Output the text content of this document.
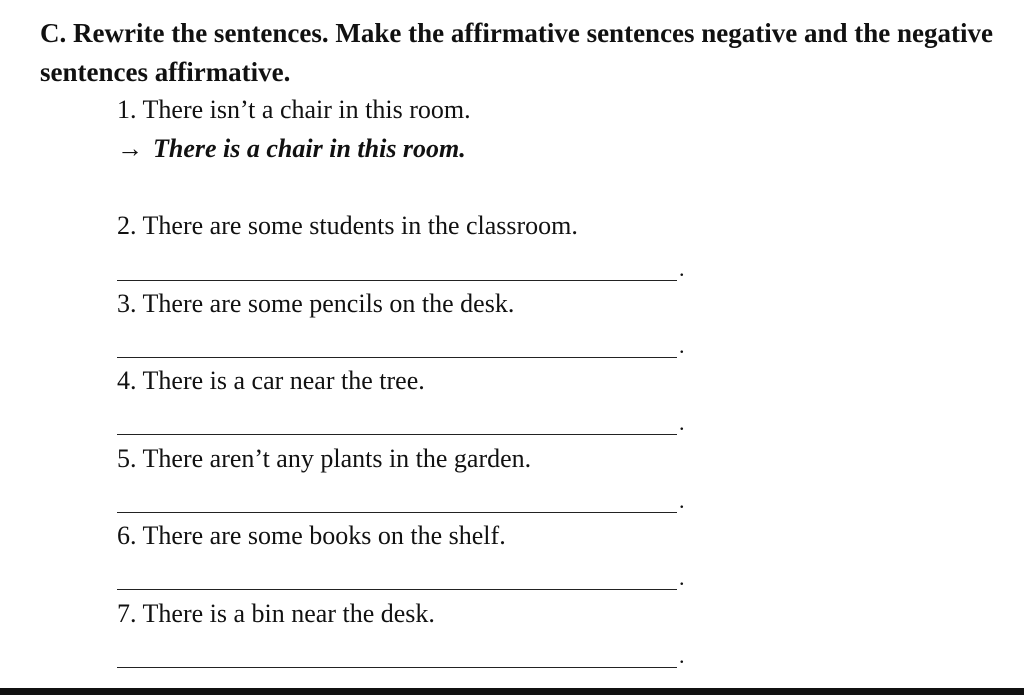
C. Rewrite the sentences. Make the affirmative sentences negative and the negative sentences affirmative.
1. There isn’t a chair in this room.
→ There is a chair in this room.
2. There are some students in the classroom.
.
3. There are some pencils on the desk.
.
4. There is a car near the tree.
.
5. There aren’t any plants in the garden.
.
6. There are some books on the shelf.
.
7. There is a bin near the desk.
.
